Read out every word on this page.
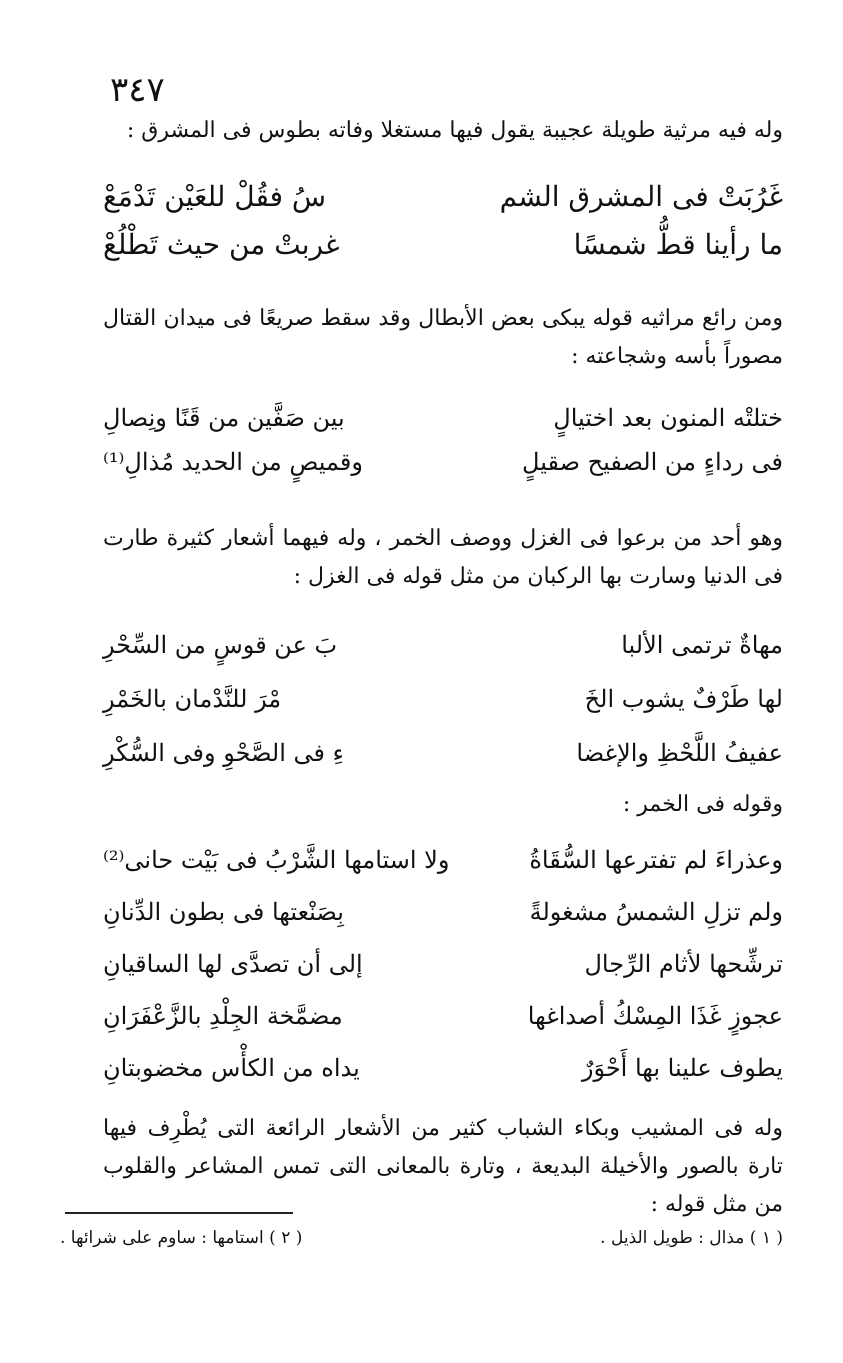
٣٤٧

وله فيه مرثية طويلة عجيبة يقول فيها مستغلا وفاته بطوس فى المشرق :

غَرُبَتْ فى المشرق الشم
سُ فقُلْ للعَيْن تَدْمَعْ
ما رأينا قطُّ شمسًا
غربتْ من حيث تَطْلُعْ

ومن رائع مراثيه قوله يبكى بعض الأبطال وقد سقط صريعًا فى ميدان القتال مصوراً بأسه وشجاعته :

ختلتْه المنون بعد اختيالٍ
بين صَفَّين من قَنًا ونِصالِ
فى رداءٍ من الصفيح صقيلٍ
وقميصٍ من الحديد مُذالِ⁽¹⁾

وهو أحد من برعوا فى الغزل ووصف الخمر ، وله فيهما أشعار كثيرة طارت فى الدنيا وسارت بها الركبان من مثل قوله فى الغزل :

مهاةٌ ترتمى الألبا
بَ عن قوسٍ من السِّحْرِ
لها طَرْفٌ يشوب الخَ
مْرَ للنَّدْمان بالخَمْرِ
عفيفُ اللَّحْظِ والإغضا
ءِ فى الصَّحْوِ وفى السُّكْرِ

وقوله فى الخمر :

وعذراءَ لم تفترعها السُّقَاةُ
ولا استامها الشَّرْبُ فى بَيْت حانى⁽²⁾
ولم تزلِ الشمسُ مشغولةً
بِصَنْعتها فى بطون الدِّنانِ
ترشِّحها لأثام الرِّجال
إلى أن تصدَّى لها الساقيانِ
عجوزٍ غَذَا المِسْكُ أصداغها
مضمَّخة الجِلْدِ بالزَّعْفَرَانِ
يطوف علينا بها أَحْوَرٌ
يداه من الكأْس مخضوبتانِ

وله فى المشيب وبكاء الشباب كثير من الأشعار الرائعة التى يُطْرِف فيها تارة بالصور والأخيلة البديعة ، وتارة بالمعانى التى تمس المشاعر والقلوب من مثل قوله :

( ١ ) مذال : طويل الذيل .
( ٢ ) استامها : ساوم على شرائها .
